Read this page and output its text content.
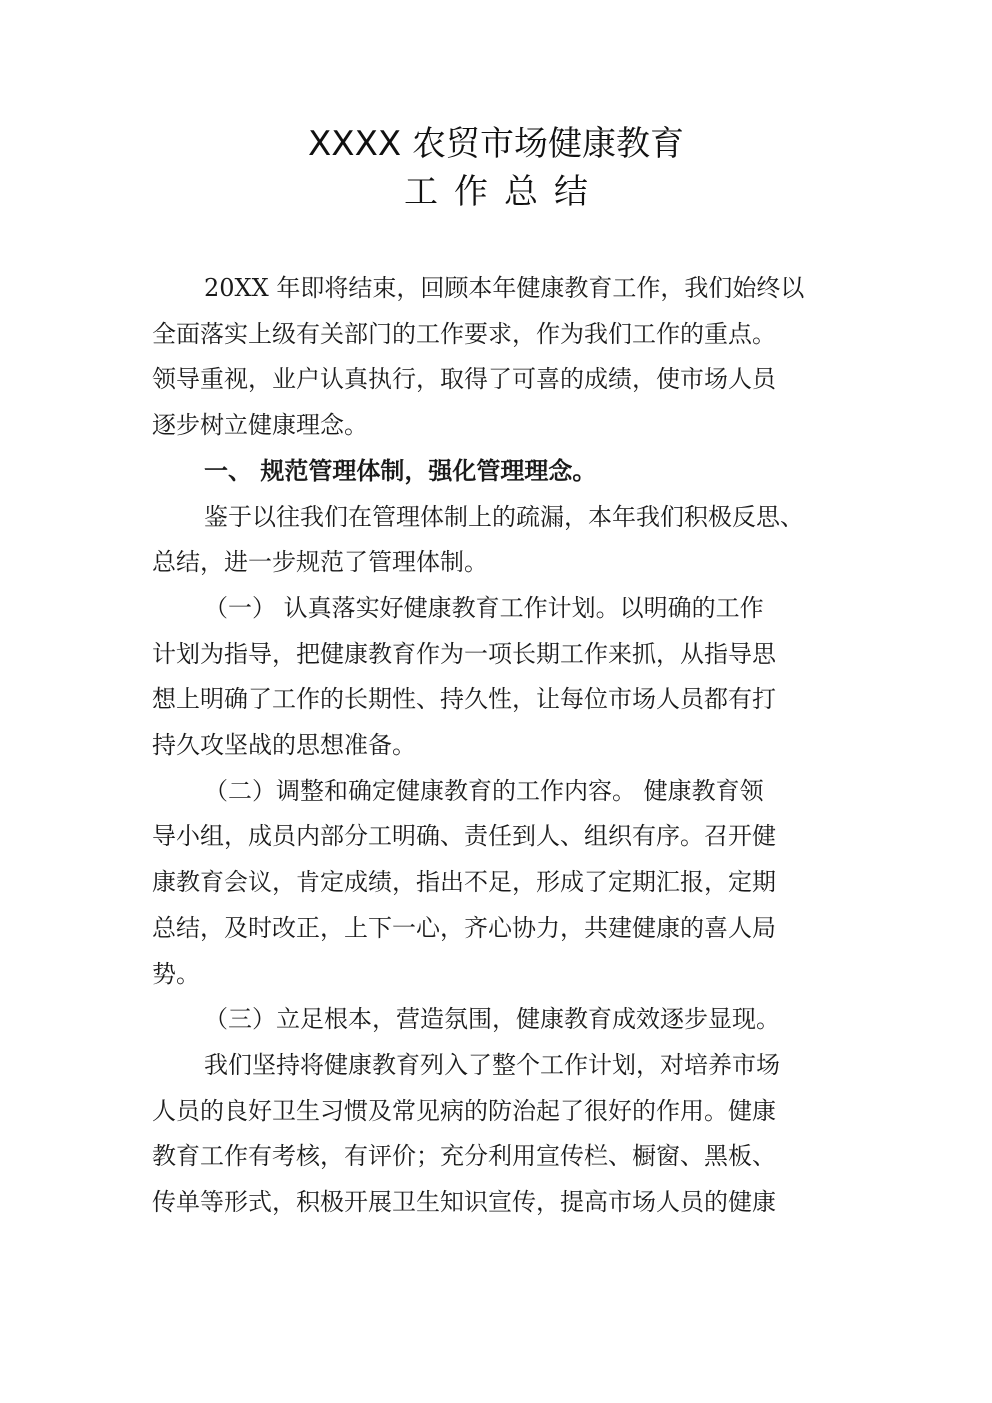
XXXX 农贸市场健康教育
工作总结
20XX 年即将结束，回顾本年健康教育工作，我们始终以
全面落实上级有关部门的工作要求，作为我们工作的重点。
领导重视，业户认真执行，取得了可喜的成绩，使市场人员
逐步树立健康理念。
一、 规范管理体制，强化管理理念。
鉴于以往我们在管理体制上的疏漏，本年我们积极反思、
总结，进一步规范了管理体制。
（一） 认真落实好健康教育工作计划。以明确的工作
计划为指导，把健康教育作为一项长期工作来抓，从指导思
想上明确了工作的长期性、持久性，让每位市场人员都有打
持久攻坚战的思想准备。
（二）调整和确定健康教育的工作内容。 健康教育领
导小组，成员内部分工明确、责任到人、组织有序。召开健
康教育会议，肯定成绩，指出不足，形成了定期汇报，定期
总结，及时改正，上下一心，齐心协力，共建健康的喜人局
势。
（三）立足根本，营造氛围，健康教育成效逐步显现。
我们坚持将健康教育列入了整个工作计划，对培养市场
人员的良好卫生习惯及常见病的防治起了很好的作用。健康
教育工作有考核，有评价；充分利用宣传栏、橱窗、黑板、
传单等形式，积极开展卫生知识宣传，提高市场人员的健康
